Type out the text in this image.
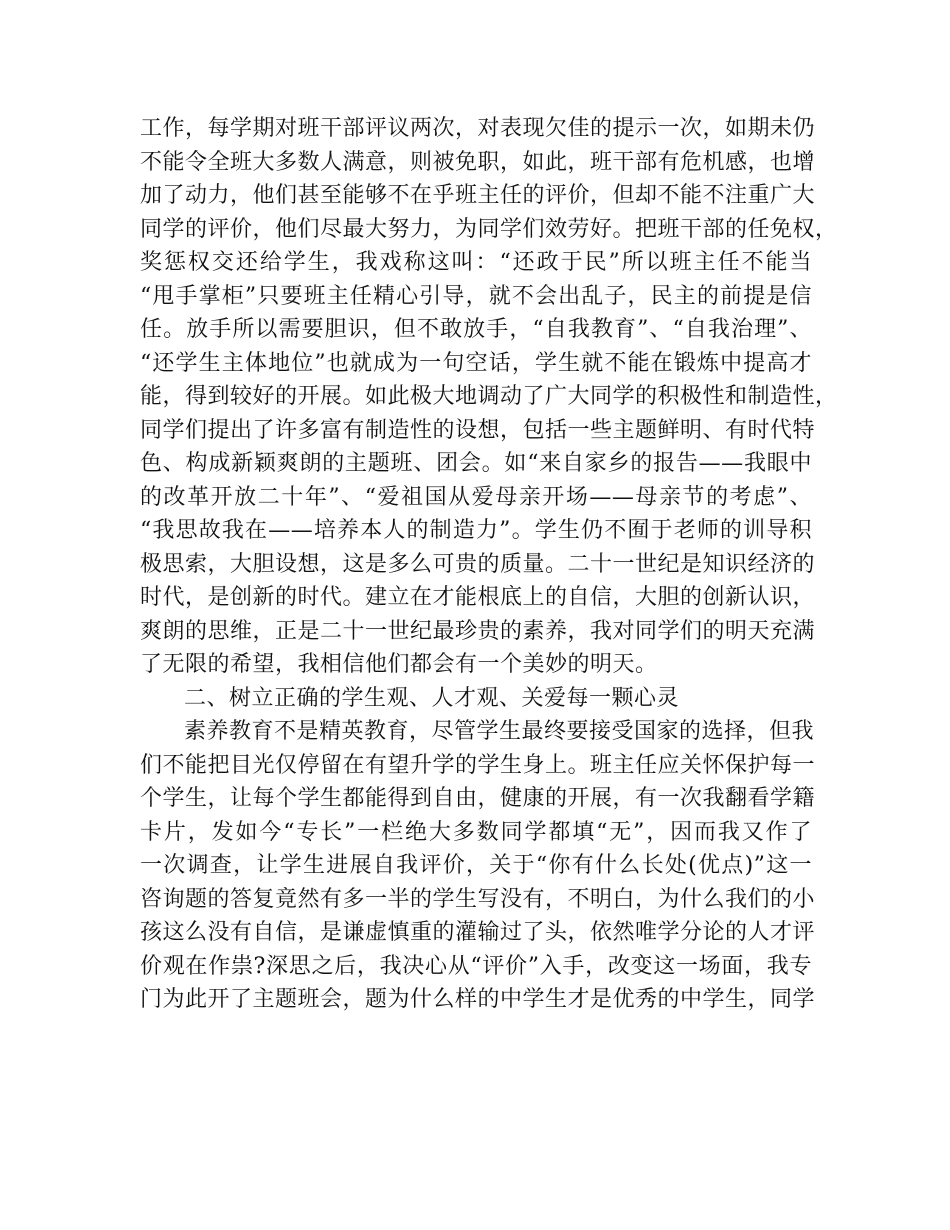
工作，每学期对班干部评议两次，对表现欠佳的提示一次，如期未仍
不能令全班大多数人满意，则被免职，如此，班干部有危机感，也增
加了动力，他们甚至能够不在乎班主任的评价，但却不能不注重广大
同学的评价，他们尽最大努力，为同学们效劳好。把班干部的任免权，
奖惩权交还给学生，我戏称这叫：“还政于民”所以班主任不能当
“甩手掌柜”只要班主任精心引导，就不会出乱子，民主的前提是信
任。放手所以需要胆识，但不敢放手，“自我教育”、“自我治理”、
“还学生主体地位”也就成为一句空话，学生就不能在锻炼中提高才
能，得到较好的开展。如此极大地调动了广大同学的积极性和制造性，
同学们提出了许多富有制造性的设想，包括一些主题鲜明、有时代特
色、构成新颖爽朗的主题班、团会。如“来自家乡的报告——我眼中
的改革开放二十年”、“爱祖国从爱母亲开场——母亲节的考虑”、
“我思故我在——培养本人的制造力”。学生仍不囿于老师的训导积
极思索，大胆设想，这是多么可贵的质量。二十一世纪是知识经济的
时代，是创新的时代。建立在才能根底上的自信，大胆的创新认识，
爽朗的思维，正是二十一世纪最珍贵的素养，我对同学们的明天充满
了无限的希望，我相信他们都会有一个美妙的明天。
二、树立正确的学生观、人才观、关爱每一颗心灵
素养教育不是精英教育，尽管学生最终要接受国家的选择，但我
们不能把目光仅停留在有望升学的学生身上。班主任应关怀保护每一
个学生，让每个学生都能得到自由，健康的开展，有一次我翻看学籍
卡片，发如今“专长”一栏绝大多数同学都填“无”，因而我又作了
一次调查，让学生进展自我评价，关于“你有什么长处(优点)”这一
咨询题的答复竟然有多一半的学生写没有，不明白，为什么我们的小
孩这么没有自信，是谦虚慎重的灌输过了头，依然唯学分论的人才评
价观在作祟?深思之后，我决心从“评价”入手，改变这一场面，我专
门为此开了主题班会，题为什么样的中学生才是优秀的中学生，同学
